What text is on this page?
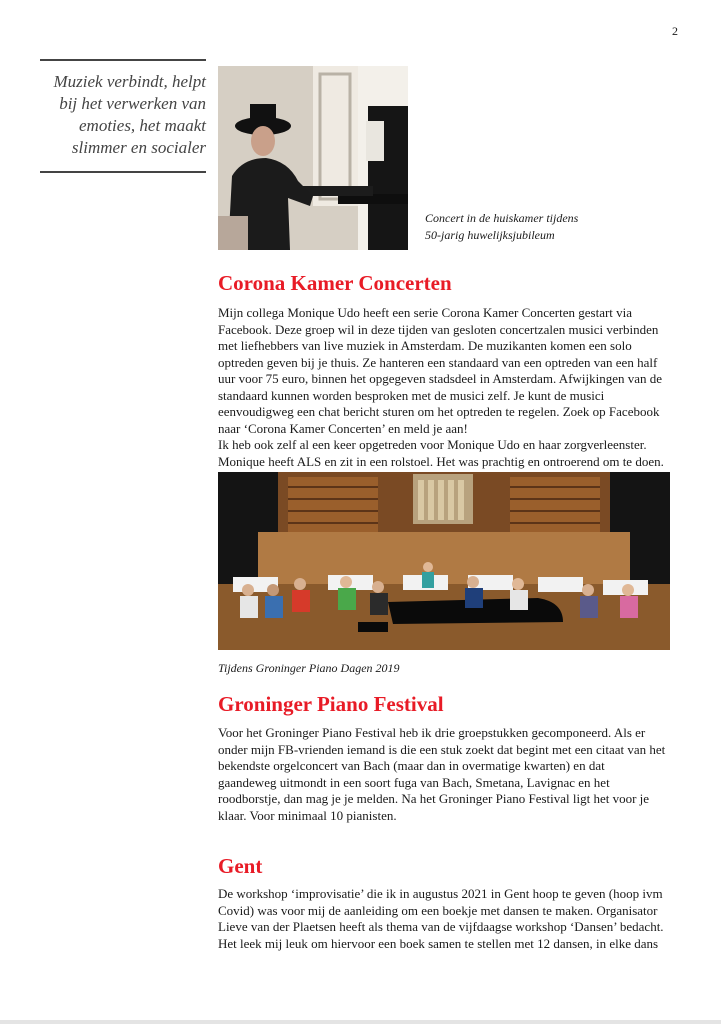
2

Muziek verbindt, helpt
bij het verwerken van
emoties, het maakt
slimmer en socialer

Concert in de huiskamer tijdens
50-jarig huwelijksjubileum
Corona Kamer Concerten
Mijn collega Monique Udo heeft een serie Corona Kamer Concerten gestart via
Facebook. Deze groep wil in deze tijden van gesloten concertzalen musici verbinden
met liefhebbers van live muziek in Amsterdam. De muzikanten komen een solo
optreden geven bij je thuis. Ze hanteren een standaard van een optreden van een half
uur voor 75 euro, binnen het opgegeven stadsdeel in Amsterdam. Afwijkingen van de
standaard kunnen worden besproken met de musici zelf. Je kunt de musici
eenvoudigweg een chat bericht sturen om het optreden te regelen. Zoek op Facebook
naar ‘Corona Kamer Concerten’ en meld je aan!
Ik heb ook zelf al een keer opgetreden voor Monique Udo en haar zorgverleenster.
Monique heeft ALS en zit in een rolstoel. Het was prachtig en ontroerend om te doen.
Tijdens Groninger Piano Dagen 2019
Groninger Piano Festival
Voor het Groninger Piano Festival heb ik drie groepstukken gecomponeerd. Als er
onder mijn FB-vrienden iemand is die een stuk zoekt dat begint met een citaat van het
bekendste orgelconcert van Bach (maar dan in overmatige kwarten) en dat
gaandeweg uitmondt in een soort fuga van Bach, Smetana, Lavignac en het
roodborstje, dan mag je je melden. Na het Groninger Piano Festival ligt het voor je
klaar. Voor minimaal 10 pianisten.
Gent
De workshop ‘improvisatie’ die ik in augustus 2021 in Gent hoop te geven (hoop ivm
Covid) was voor mij de aanleiding om een boekje met dansen te maken. Organisator
Lieve van der Plaetsen heeft als thema van de vijfdaagse workshop ‘Dansen’ bedacht.
Het leek mij leuk om hiervoor een boek samen te stellen met 12 dansen, in elke dans
